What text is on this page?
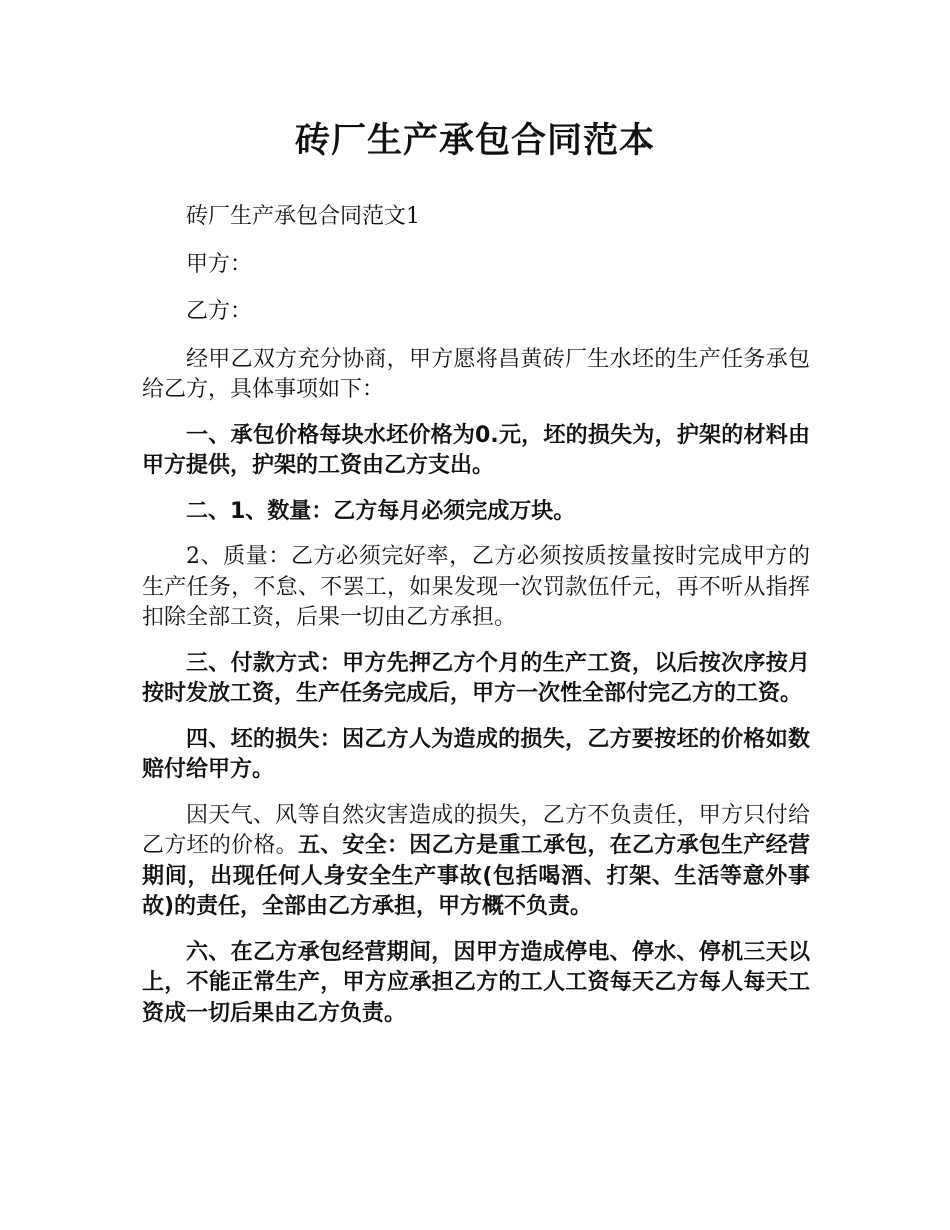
砖厂生产承包合同范本

砖厂生产承包合同范文1

甲方：

乙方：

经甲乙双方充分协商，甲方愿将昌黄砖厂生水坯的生产任务承包给乙方，具体事项如下：

一、承包价格每块水坯价格为0.元，坯的损失为，护架的材料由甲方提供，护架的工资由乙方支出。

二、1、数量：乙方每月必须完成万块。

2、质量：乙方必须完好率，乙方必须按质按量按时完成甲方的生产任务，不怠、不罢工，如果发现一次罚款伍仟元，再不听从指挥扣除全部工资，后果一切由乙方承担。

三、付款方式：甲方先押乙方个月的生产工资，以后按次序按月按时发放工资，生产任务完成后，甲方一次性全部付完乙方的工资。

四、坯的损失：因乙方人为造成的损失，乙方要按坯的价格如数赔付给甲方。

因天气、风等自然灾害造成的损失，乙方不负责任，甲方只付给乙方坯的价格。五、安全：因乙方是重工承包，在乙方承包生产经营期间，出现任何人身安全生产事故(包括喝酒、打架、生活等意外事故)的责任，全部由乙方承担，甲方概不负责。

六、在乙方承包经营期间，因甲方造成停电、停水、停机三天以上，不能正常生产，甲方应承担乙方的工人工资每天乙方每人每天工资成一切后果由乙方负责。
